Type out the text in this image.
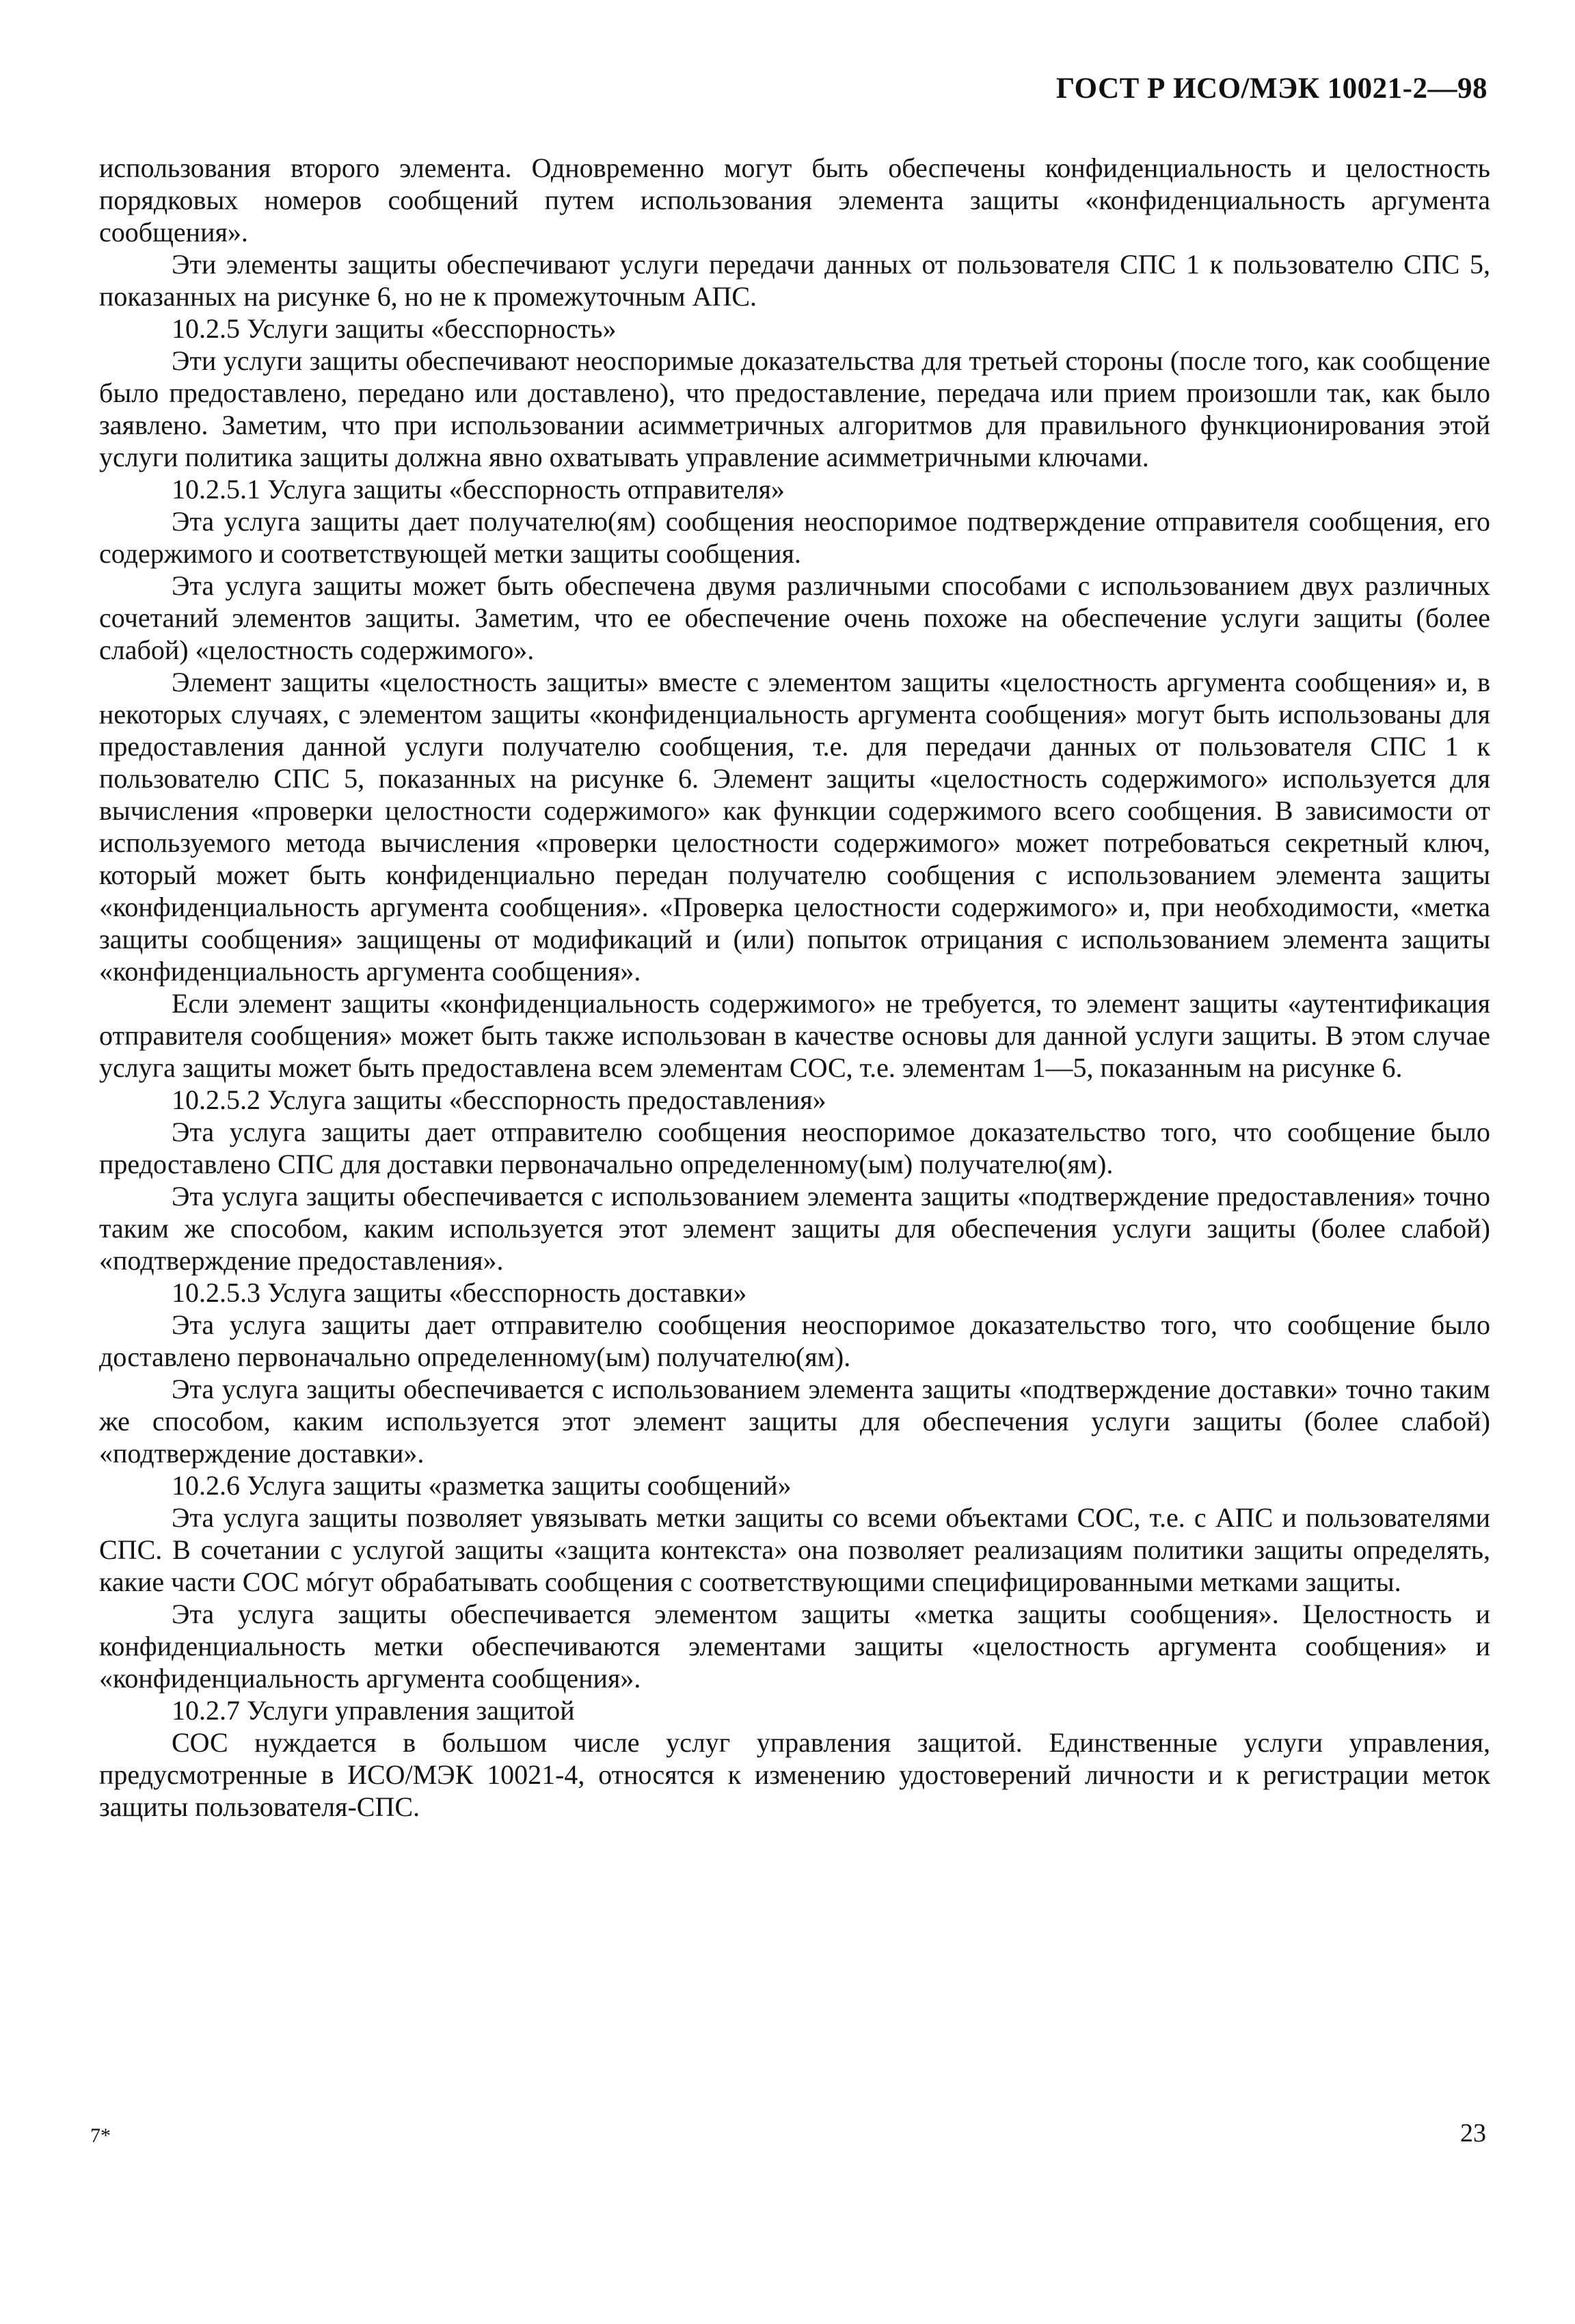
ГОСТ Р ИСО/МЭК 10021-2—98

использования второго элемента. Одновременно могут быть обеспечены конфиденциальность и целостность порядковых номеров сообщений путем использования элемента защиты «конфиденциальность аргумента сообщения».

Эти элементы защиты обеспечивают услуги передачи данных от пользователя СПС 1 к пользователю СПС 5, показанных на рисунке 6, но не к промежуточным АПС.

10.2.5 Услуги защиты «бесспорность»

Эти услуги защиты обеспечивают неоспоримые доказательства для третьей стороны (после того, как сообщение было предоставлено, передано или доставлено), что предоставление, передача или прием произошли так, как было заявлено. Заметим, что при использовании асимметричных алгоритмов для правильного функционирования этой услуги политика защиты должна явно охватывать управление асимметричными ключами.

10.2.5.1 Услуга защиты «бесспорность отправителя»

Эта услуга защиты дает получателю(ям) сообщения неоспоримое подтверждение отправителя сообщения, его содержимого и соответствующей метки защиты сообщения.

Эта услуга защиты может быть обеспечена двумя различными способами с использованием двух различных сочетаний элементов защиты. Заметим, что ее обеспечение очень похоже на обеспечение услуги защиты (более слабой) «целостность содержимого».

Элемент защиты «целостность защиты» вместе с элементом защиты «целостность аргумента сообщения» и, в некоторых случаях, с элементом защиты «конфиденциальность аргумента сообщения» могут быть использованы для предоставления данной услуги получателю сообщения, т.е. для передачи данных от пользователя СПС 1 к пользователю СПС 5, показанных на рисунке 6. Элемент защиты «целостность содержимого» используется для вычисления «проверки целостности содержимого» как функции содержимого всего сообщения. В зависимости от используемого метода вычисления «проверки целостности содержимого» может потребоваться секретный ключ, который может быть конфиденциально передан получателю сообщения с использованием элемента защиты «конфиденциальность аргумента сообщения». «Проверка целостности содержимого» и, при необходимости, «метка защиты сообщения» защищены от модификаций и (или) попыток отрицания с использованием элемента защиты «конфиденциальность аргумента сообщения».

Если элемент защиты «конфиденциальность содержимого» не требуется, то элемент защиты «аутентификация отправителя сообщения» может быть также использован в качестве основы для данной услуги защиты. В этом случае услуга защиты может быть предоставлена всем элементам СОС, т.е. элементам 1—5, показанным на рисунке 6.

10.2.5.2 Услуга защиты «бесспорность предоставления»

Эта услуга защиты дает отправителю сообщения неоспоримое доказательство того, что сообщение было предоставлено СПС для доставки первоначально определенному(ым) получателю(ям).

Эта услуга защиты обеспечивается с использованием элемента защиты «подтверждение предоставления» точно таким же способом, каким используется этот элемент защиты для обеспечения услуги защиты (более слабой) «подтверждение предоставления».

10.2.5.3 Услуга защиты «бесспорность доставки»

Эта услуга защиты дает отправителю сообщения неоспоримое доказательство того, что сообщение было доставлено первоначально определенному(ым) получателю(ям).

Эта услуга защиты обеспечивается с использованием элемента защиты «подтверждение доставки» точно таким же способом, каким используется этот элемент защиты для обеспечения услуги защиты (более слабой) «подтверждение доставки».

10.2.6 Услуга защиты «разметка защиты сообщений»

Эта услуга защиты позволяет увязывать метки защиты со всеми объектами СОС, т.е. с АПС и пользователями СПС. В сочетании с услугой защиты «защита контекста» она позволяет реализациям политики защиты определять, какие части СОС мóгут обрабатывать сообщения с соответствующими специфицированными метками защиты.

Эта услуга защиты обеспечивается элементом защиты «метка защиты сообщения». Целостность и конфиденциальность метки обеспечиваются элементами защиты «целостность аргумента сообщения» и «конфиденциальность аргумента сообщения».

10.2.7 Услуги управления защитой

СОС нуждается в большом числе услуг управления защитой. Единственные услуги управления, предусмотренные в ИСО/МЭК 10021-4, относятся к изменению удостоверений личности и к регистрации меток защиты пользователя-СПС.

7*	23
